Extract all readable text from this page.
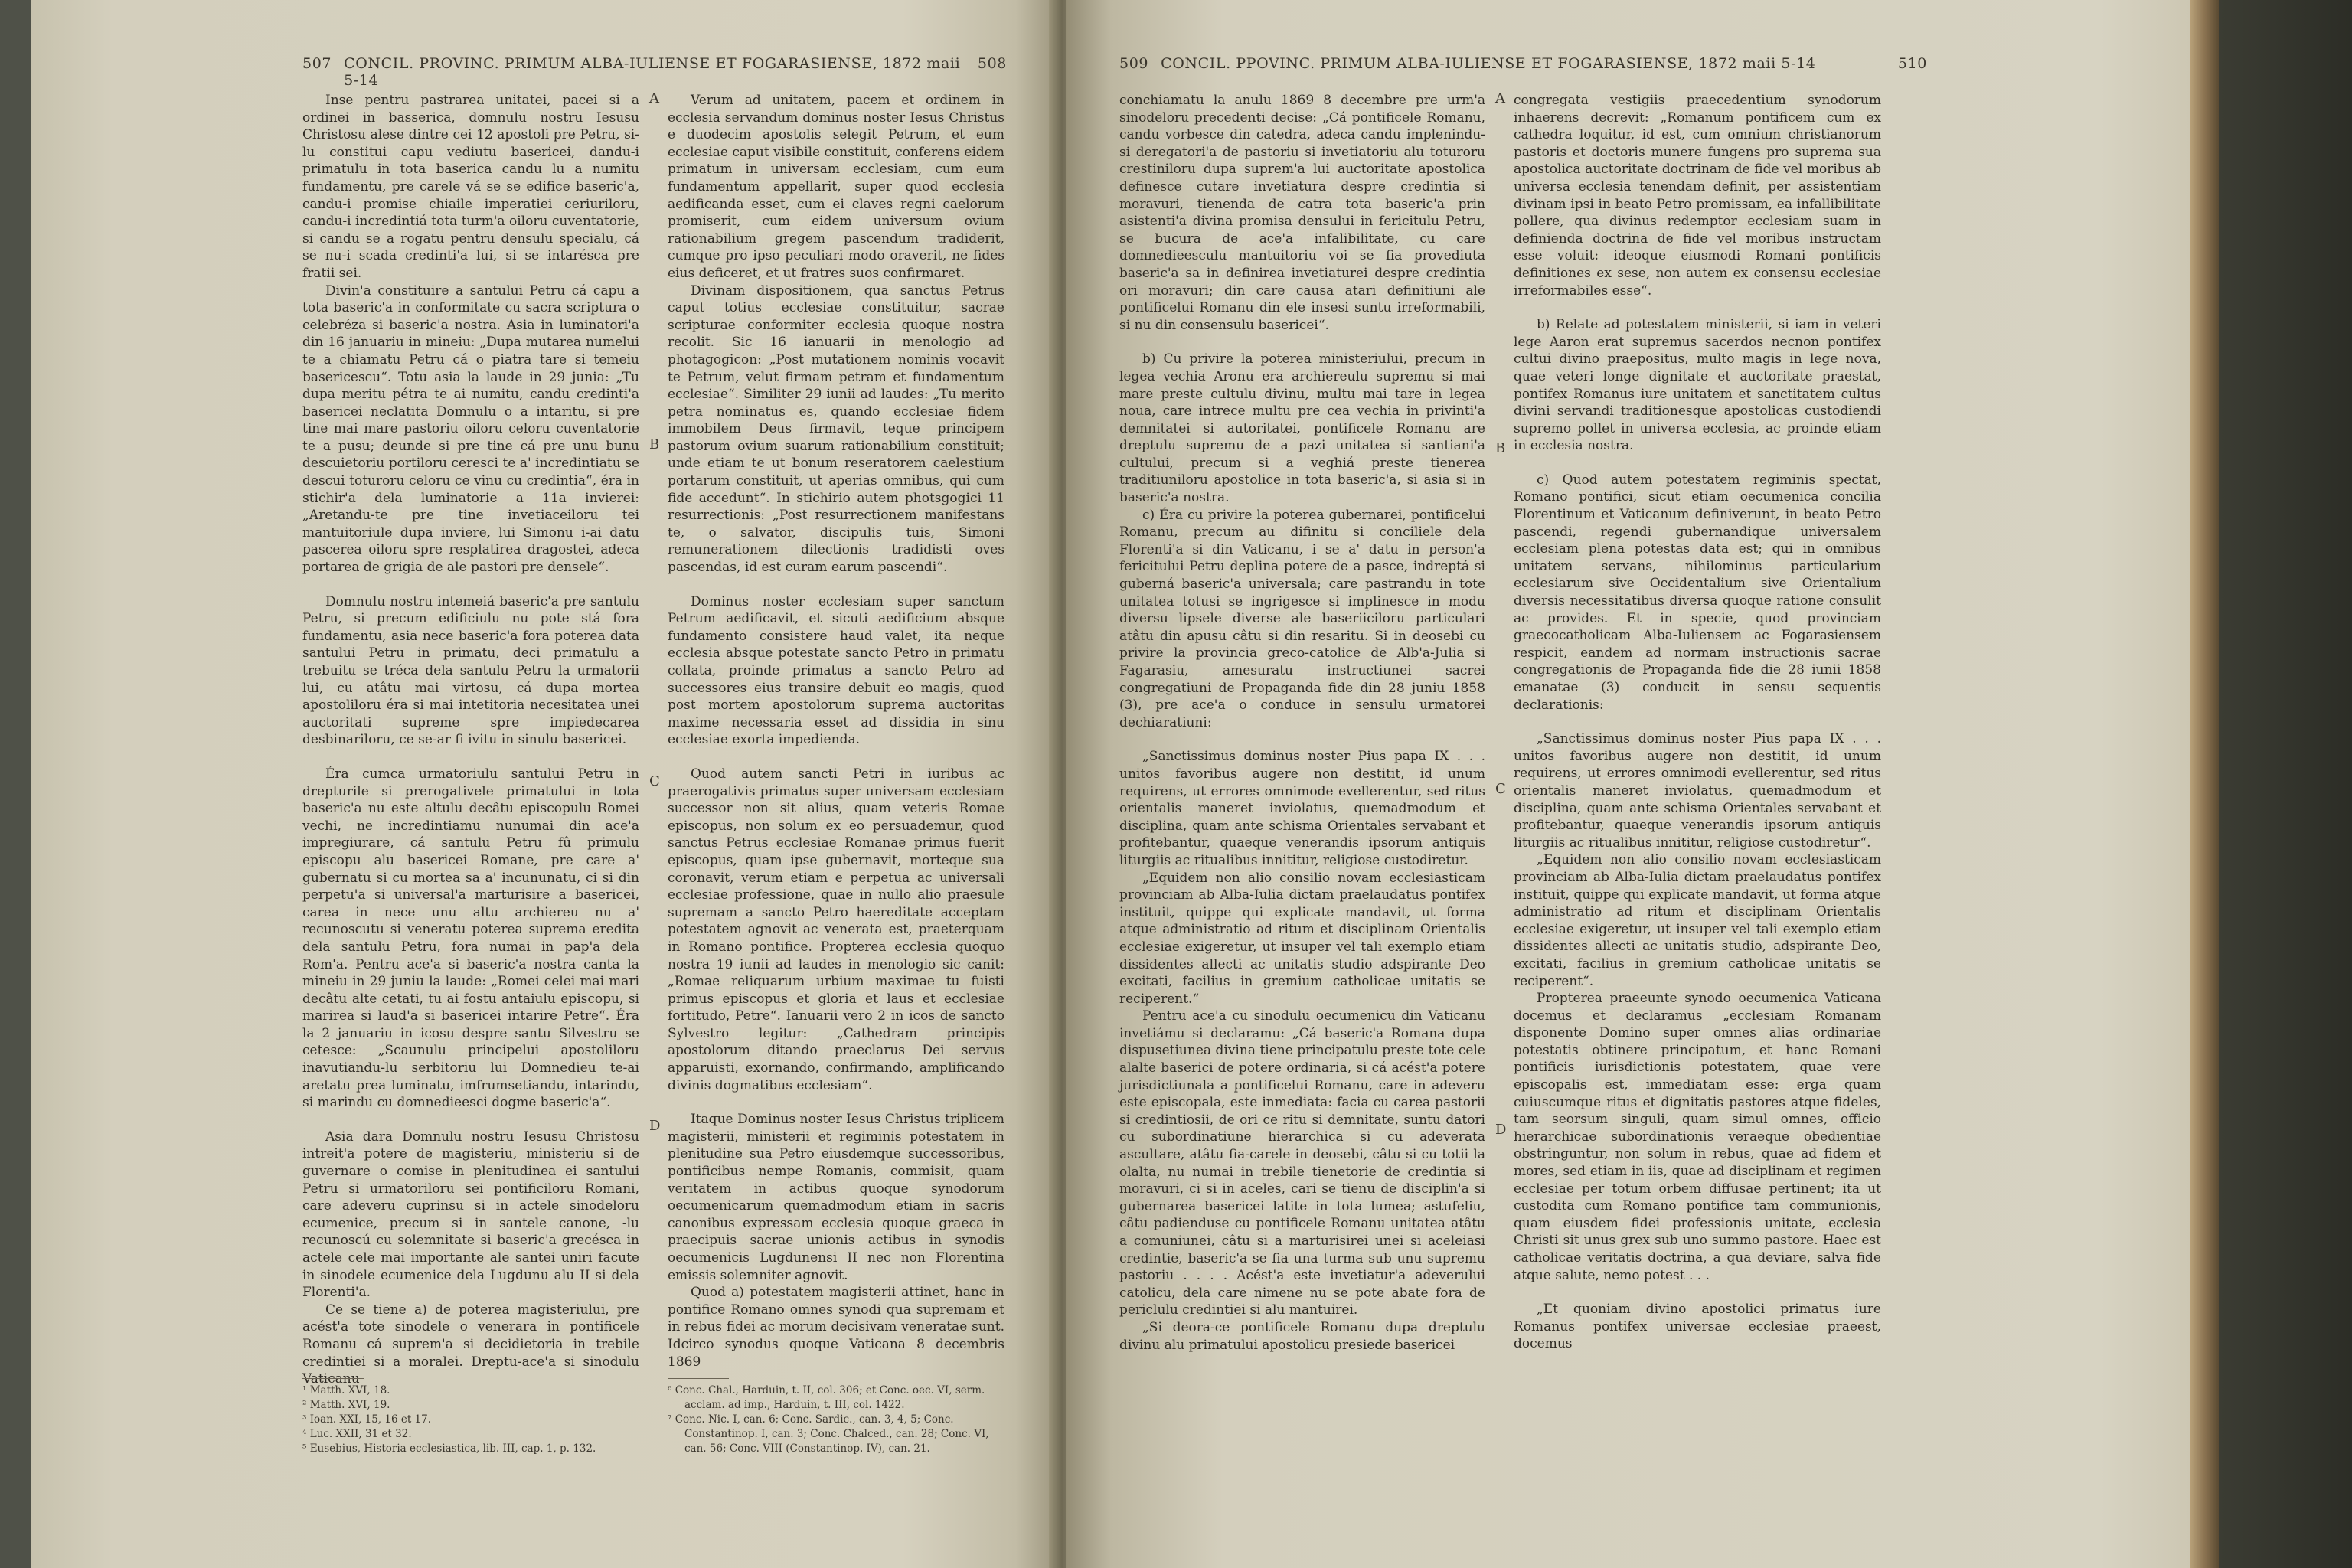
507 CONCIL. PROVINC. PRIMUM ALBA-IULIENSE ET FOGARASIENSE, 1872 maii 5-14
508

Inse pentru pastrarea unitatei, pacei si a ordinei in basserica, domnulu nostru Iesusu Christosu alese dintre cei 12 apostoli pre Petru, si-lu constitui capu vediutu basericei, dandu-i primatulu in tota baserica candu lu a numitu fundamentu, pre carele vá se se edifice baseric'a, candu-i promise chiaile imperatiei ceriuriloru, candu-i incredintiá tota turm'a oiloru cuventatorie, si candu se a rogatu pentru densulu specialu, cá se nu-i scada credinti'a lui, si se intarésca pre fratii sei.

Divin'a constituire a santului Petru cá capu a tota baseric'a in conformitate cu sacra scriptura o celebréza si baseric'a nostra. Asia in luminatori'a din 16 januariu in mineiu: „Dupa mutarea numelui te a chiamatu Petru cá o piatra tare si temeiu basericescu“. Totu asia la laude in 29 junia: „Tu dupa meritu pétra te ai numitu, candu credinti'a basericei neclatita Domnulu o a intaritu, si pre tine mai mare pastoriu oiloru celoru cuventatorie te a pusu; deunde si pre tine cá pre unu bunu descuietoriu portiloru ceresci te a' incredintiatu se descui toturoru celoru ce vinu cu credintia“, éra in stichir'a dela luminatorie a 11a invierei: „Aretandu-te pre tine invetiaceiloru tei mantuitoriule dupa inviere, lui Simonu i-ai datu pascerea oiloru spre resplatirea dragostei, adeca portarea de grigia de ale pastori pre densele“.

Domnulu nostru intemeiá baseric'a pre santulu Petru, si precum edificiulu nu pote stá fora fundamentu, asia nece baseric'a fora poterea data santului Petru in primatu, deci primatulu a trebuitu se tréca dela santulu Petru la urmatorii lui, cu atâtu mai virtosu, cá dupa mortea apostoliloru éra si mai intetitoria necesitatea unei auctoritati supreme spre impiedecarea desbinariloru, ce se-ar fi ivitu in sinulu basericei.

Éra cumca urmatoriulu santului Petru in drepturile si prerogativele primatului in tota baseric'a nu este altulu decâtu episcopulu Romei vechi, ne incredintiamu nunumai din ace'a impregiurare, cá santulu Petru fû primulu episcopu alu basericei Romane, pre care a' gubernatu si cu mortea sa a' incununatu, ci si din perpetu'a si universal'a marturisire a basericei, carea in nece unu altu archiereu nu a' recunoscutu si veneratu poterea suprema eredita dela santulu Petru, fora numai in pap'a dela Rom'a. Pentru ace'a si baseric'a nostra canta la mineiu in 29 juniu la laude: „Romei celei mai mari decâtu alte cetati, tu ai fostu antaiulu episcopu, si marirea si laud'a si basericei intarire Petre“. Éra la 2 januariu in icosu despre santu Silvestru se cetesce: „Scaunulu principelui apostoliloru inavutiandu-lu serbitoriu lui Domnedieu te-ai aretatu prea luminatu, imfrumsetiandu, intarindu, si marindu cu domnedieesci dogme baseric'a“.

Asia dara Domnulu nostru Iesusu Christosu intreit'a potere de magisteriu, ministeriu si de guvernare o comise in plenitudinea ei santului Petru si urmatoriloru sei pontificiloru Romani, care adeveru cuprinsu si in actele sinodeloru ecumenice, precum si in santele canone, -lu recunoscú cu solemnitate si baseric'a grecésca in actele cele mai importante ale santei uniri facute in sinodele ecumenice dela Lugdunu alu II si dela Florenti'a.

Ce se tiene a) de poterea magisteriului, pre acést'a tote sinodele o venerara in pontificele Romanu cá suprem'a si decidietoria in trebile credintiei si a moralei. Dreptu-ace'a si sinodulu Vaticanu

Verum ad unitatem, pacem et ordinem in ecclesia servandum dominus noster Iesus Christus e duodecim apostolis selegit Petrum, et eum ecclesiae caput visibile constituit, conferens eidem primatum in universam ecclesiam, cum eum fundamentum appellarit, super quod ecclesia aedificanda esset, cum ei claves regni caelorum promiserit, cum eidem universum ovium rationabilium gregem pascendum tradiderit, cumque pro ipso peculiari modo oraverit, ne fides eius deficeret, et ut fratres suos confirmaret.

Divinam dispositionem, qua sanctus Petrus caput totius ecclesiae constituitur, sacrae scripturae conformiter ecclesia quoque nostra recolit. Sic 16 ianuarii in menologio ad photagogicon: „Post mutationem nominis vocavit te Petrum, velut firmam petram et fundamentum ecclesiae“. Similiter 29 iunii ad laudes: „Tu merito petra nominatus es, quando ecclesiae fidem immobilem Deus firmavit, teque principem pastorum ovium suarum rationabilium constituit; unde etiam te ut bonum reseratorem caelestium portarum constituit, ut aperias omnibus, qui cum fide accedunt“. In stichirio autem photsgogici 11 resurrectionis: „Post resurrectionem manifestans te, o salvator, discipulis tuis, Simoni remunerationem dilectionis tradidisti oves pascendas, id est curam earum pascendi“.

Dominus noster ecclesiam super sanctum Petrum aedificavit, et sicuti aedificium absque fundamento consistere haud valet, ita neque ecclesia absque potestate sancto Petro in primatu collata, proinde primatus a sancto Petro ad successores eius transire debuit eo magis, quod post mortem apostolorum suprema auctoritas maxime necessaria esset ad dissidia in sinu ecclesiae exorta impedienda.

Quod autem sancti Petri in iuribus ac praerogativis primatus super universam ecclesiam successor non sit alius, quam veteris Romae episcopus, non solum ex eo persuademur, quod sanctus Petrus ecclesiae Romanae primus fuerit episcopus, quam ipse gubernavit, morteque sua coronavit, verum etiam e perpetua ac universali ecclesiae professione, quae in nullo alio praesule supremam a sancto Petro haereditate acceptam potestatem agnovit ac venerata est, praeterquam in Romano pontifice. Propterea ecclesia quoquo nostra 19 iunii ad laudes in menologio sic canit: „Romae reliquarum urbium maximae tu fuisti primus episcopus et gloria et laus et ecclesiae fortitudo, Petre“. Ianuarii vero 2 in icos de sancto Sylvestro legitur: „Cathedram principis apostolorum ditando praeclarus Dei servus apparuisti, exornando, confirmando, amplificando divinis dogmatibus ecclesiam“.

Itaque Dominus noster Iesus Christus triplicem magisterii, ministerii et regiminis potestatem in plenitudine sua Petro eiusdemque successoribus, pontificibus nempe Romanis, commisit, quam veritatem in actibus quoque synodorum oecumenicarum quemadmodum etiam in sacris canonibus expressam ecclesia quoque graeca in praecipuis sacrae unionis actibus in synodis oecumenicis Lugdunensi II nec non Florentina emissis solemniter agnovit.

Quod a) potestatem magisterii attinet, hanc in pontifice Romano omnes synodi qua supremam et in rebus fidei ac morum decisivam veneratae sunt. Idcirco synodus quoque Vaticana 8 decembris 1869

A
B
C
D
¹ Matth. XVI, 18.
² Matth. XVI, 19.
³ Ioan. XXI, 15, 16 et 17.
⁴ Luc. XXII, 31 et 32.
⁵ Eusebius, Historia ecclesiastica, lib. III, cap. 1, p. 132.
⁶ Conc. Chal., Harduin, t. II, col. 306; et Conc. oec. VI, serm. acclam. ad imp., Harduin, t. III, col. 1422.
⁷ Conc. Nic. I, can. 6; Conc. Sardic., can. 3, 4, 5; Conc. Constantinop. I, can. 3; Conc. Chalced., can. 28; Conc. VI, can. 56; Conc. VIII (Constantinop. IV), can. 21.
509 CONCIL. PPOVINC. PRIMUM ALBA-IULIENSE ET FOGARASIENSE, 1872 maii 5-14	510

conchiamatu la anulu 1869 8 decembre pre urm'a sinodeloru precedenti decise: „Cá pontificele Romanu, candu vorbesce din catedra, adeca candu implenindu-si deregatori'a de pastoriu si invetiatoriu alu toturoru crestiniloru dupa suprem'a lui auctoritate apostolica definesce cutare invetiatura despre credintia si moravuri, tienenda de catra tota baseric'a prin asistenti'a divina promisa densului in fericitulu Petru, se bucura de ace'a infalibilitate, cu care domnedieesculu mantuitoriu voi se fia provediuta baseric'a sa in definirea invetiaturei despre credintia ori moravuri; din care causa atari definitiuni ale pontificelui Romanu din ele insesi suntu irreformabili, si nu din consensulu basericei“.

b) Cu privire la poterea ministeriului, precum in legea vechia Aronu era archiereulu supremu si mai mare preste cultulu divinu, multu mai tare in legea noua, care intrece multu pre cea vechia in privinti'a demnitatei si autoritatei, pontificele Romanu are dreptulu supremu de a pazi unitatea si santiani'a cultului, precum si a veghiá preste tienerea traditiuniloru apostolice in tota baseric'a, si asia si in baseric'a nostra.

c) Éra cu privire la poterea gubernarei, pontificelui Romanu, precum au difinitu si conciliele dela Florenti'a si din Vaticanu, i se a' datu in person'a fericitului Petru deplina potere de a pasce, indreptá si guberná baseric'a universala; care pastrandu in tote unitatea totusi se ingrigesce si implinesce in modu diversu lipsele diverse ale baseriiciloru particulari atâtu din apusu câtu si din resaritu. Si in deosebi cu privire la provincia greco-catolice de Alb'a-Julia si Fagarasiu, amesuratu instructiunei sacrei congregatiuni de Propaganda fide din 28 juniu 1858 (3), pre ace'a o conduce in sensulu urmatorei dechiaratiuni:

„Sanctissimus dominus noster Pius papa IX . . . unitos favoribus augere non destitit, id unum requirens, ut errores omnimode evellerentur, sed ritus orientalis maneret inviolatus, quemadmodum et disciplina, quam ante schisma Orientales servabant et profitebantur, quaeque venerandis ipsorum antiquis liturgiis ac ritualibus innititur, religiose custodiretur.

„Equidem non alio consilio novam ecclesiasticam provinciam ab Alba-Iulia dictam praelaudatus pontifex instituit, quippe qui explicate mandavit, ut forma atque administratio ad ritum et disciplinam Orientalis ecclesiae exigeretur, ut insuper vel tali exemplo etiam dissidentes allecti ac unitatis studio adspirante Deo excitati, facilius in gremium catholicae unitatis se reciperent.“

Pentru ace'a cu sinodulu oecumenicu din Vaticanu invetiámu si declaramu: „Cá baseric'a Romana dupa dispusetiunea divina tiene principatulu preste tote cele alalte baserici de potere ordinaria, si cá acést'a potere jurisdictiunala a pontificelui Romanu, care in adeveru este episcopala, este inmediata: facia cu carea pastorii si credintiosii, de ori ce ritu si demnitate, suntu datori cu subordinatiune hierarchica si cu adeverata ascultare, atâtu fia-carele in deosebi, câtu si cu totii la olalta, nu numai in trebile tienetorie de credintia si moravuri, ci si in aceles, cari se tienu de disciplin'a si gubernarea basericei latite in tota lumea; astufeliu, câtu padienduse cu pontificele Romanu unitatea atâtu a comuniunei, câtu si a marturisirei unei si aceleiasi credintie, baseric'a se fia una turma sub unu supremu pastoriu . . . . Acést'a este invetiatur'a adeverului catolicu, dela care nimene nu se pote abate fora de periclulu credintiei si alu mantuirei.

„Si deora-ce pontificele Romanu dupa dreptulu divinu alu primatului apostolicu presiede basericei

congregata vestigiis praecedentium synodorum inhaerens decrevit: „Romanum pontificem cum ex cathedra loquitur, id est, cum omnium christianorum pastoris et doctoris munere fungens pro suprema sua apostolica auctoritate doctrinam de fide vel moribus ab universa ecclesia tenendam definit, per assistentiam divinam ipsi in beato Petro promissam, ea infallibilitate pollere, qua divinus redemptor ecclesiam suam in definienda doctrina de fide vel moribus instructam esse voluit: ideoque eiusmodi Romani pontificis definitiones ex sese, non autem ex consensu ecclesiae irreformabiles esse“.

b) Relate ad potestatem ministerii, si iam in veteri lege Aaron erat supremus sacerdos necnon pontifex cultui divino praepositus, multo magis in lege nova, quae veteri longe dignitate et auctoritate praestat, pontifex Romanus iure unitatem et sanctitatem cultus divini servandi traditionesque apostolicas custodiendi supremo pollet in universa ecclesia, ac proinde etiam in ecclesia nostra.

c) Quod autem potestatem regiminis spectat, Romano pontifici, sicut etiam oecumenica concilia Florentinum et Vaticanum definiverunt, in beato Petro pascendi, regendi gubernandique universalem ecclesiam plena potestas data est; qui in omnibus unitatem servans, nihilominus particularium ecclesiarum sive Occidentalium sive Orientalium diversis necessitatibus diversa quoque ratione consulit ac provides. Et in specie, quod provinciam graecocatholicam Alba-Iuliensem ac Fogarasiensem respicit, eandem ad normam instructionis sacrae congregationis de Propaganda fide die 28 iunii 1858 emanatae (3) conducit in sensu sequentis declarationis:

„Sanctissimus dominus noster Pius papa IX . . . unitos favoribus augere non destitit, id unum requirens, ut errores omnimodi evellerentur, sed ritus orientalis maneret inviolatus, quemadmodum et disciplina, quam ante schisma Orientales servabant et profitebantur, quaeque venerandis ipsorum antiquis liturgiis ac ritualibus innititur, religiose custodiretur“.

„Equidem non alio consilio novam ecclesiasticam provinciam ab Alba-Iulia dictam praelaudatus pontifex instituit, quippe qui explicate mandavit, ut forma atque administratio ad ritum et disciplinam Orientalis ecclesiae exigeretur, ut insuper vel tali exemplo etiam dissidentes allecti ac unitatis studio, adspirante Deo, excitati, facilius in gremium catholicae unitatis se reciperent“.

Propterea praeeunte synodo oecumenica Vaticana docemus et declaramus „ecclesiam Romanam disponente Domino super omnes alias ordinariae potestatis obtinere principatum, et hanc Romani pontificis iurisdictionis potestatem, quae vere episcopalis est, immediatam esse: erga quam cuiuscumque ritus et dignitatis pastores atque fideles, tam seorsum singuli, quam simul omnes, officio hierarchicae subordinationis veraeque obedientiae obstringuntur, non solum in rebus, quae ad fidem et mores, sed etiam in iis, quae ad disciplinam et regimen ecclesiae per totum orbem diffusae pertinent; ita ut custodita cum Romano pontifice tam communionis, quam eiusdem fidei professionis unitate, ecclesia Christi sit unus grex sub uno summo pastore. Haec est catholicae veritatis doctrina, a qua deviare, salva fide atque salute, nemo potest . . .

„Et quoniam divino apostolici primatus iure Romanus pontifex universae ecclesiae praeest, docemus

A
B
C
D
